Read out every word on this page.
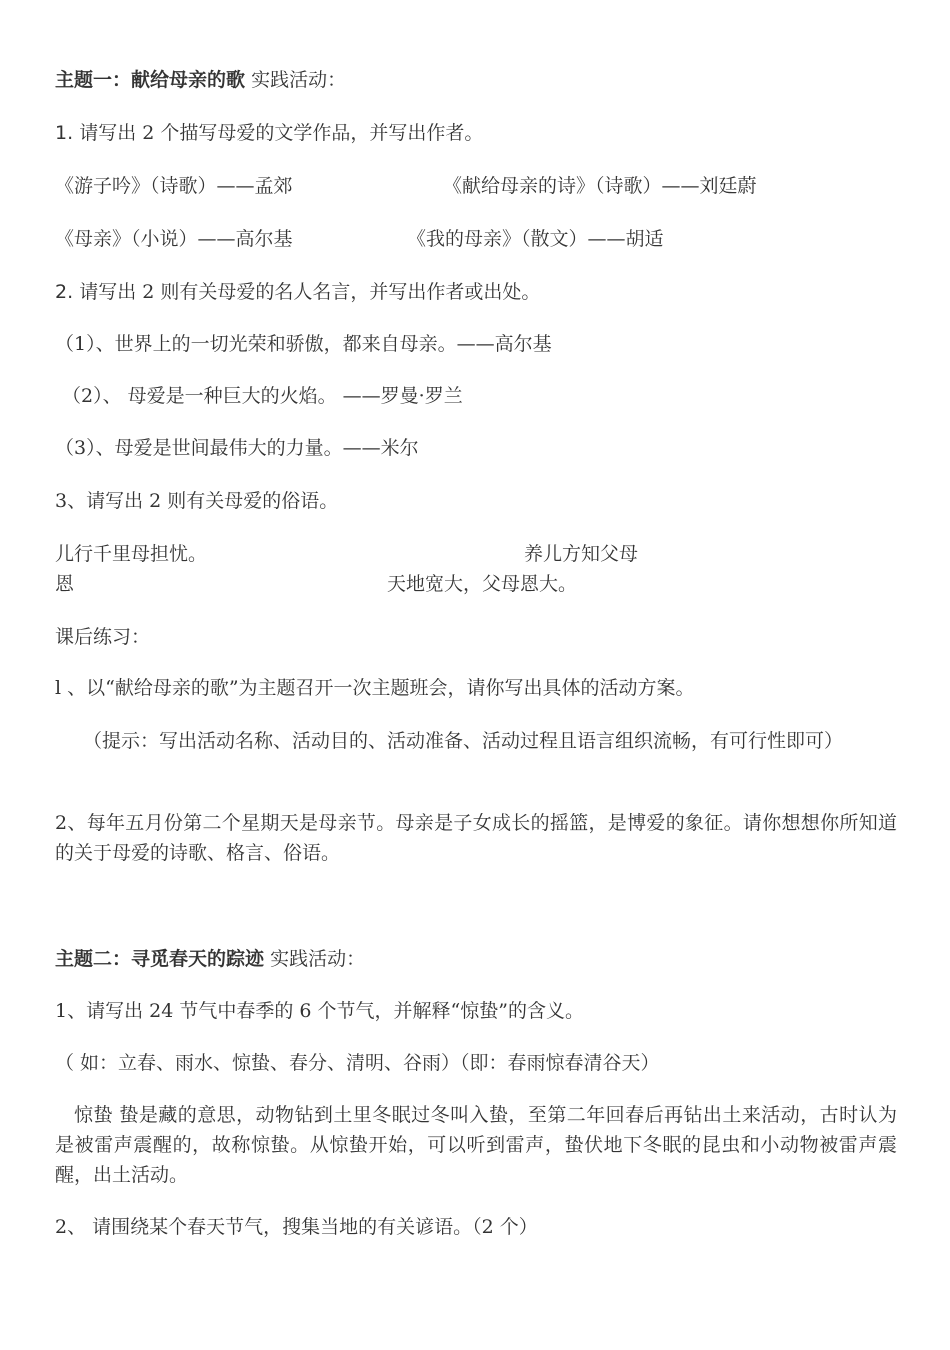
主题一：献给母亲的歌 实践活动：
1. 请写出 2 个描写母爱的文学作品，并写出作者。
《游子吟》（诗歌）——孟郊	《献给母亲的诗》（诗歌）——刘廷蔚
《母亲》（小说）——高尔基	《我的母亲》（散文）——胡适
2. 请写出 2 则有关母爱的名人名言，并写出作者或出处。
（1）、世界上的一切光荣和骄傲，都来自母亲。——高尔基
（2）、 母爱是一种巨大的火焰。 ——罗曼·罗兰
（3）、母爱是世间最伟大的力量。——米尔
3、请写出 2 则有关母爱的俗语。
儿行千里母担忧。	养儿方知父母
恩	天地宽大，父母恩大。
课后练习：
l 、以“献给母亲的歌”为主题召开一次主题班会，请你写出具体的活动方案。
（提示：写出活动名称、活动目的、活动准备、活动过程且语言组织流畅，有可行性即可）
2、每年五月份第二个星期天是母亲节。母亲是子女成长的摇篮，是博爱的象征。请你想想你所知道的关于母爱的诗歌、格言、俗语。
主题二：寻觅春天的踪迹 实践活动：
1、请写出 24 节气中春季的 6 个节气，并解释“惊蛰”的含义。
（ 如：立春、雨水、惊蛰、春分、清明、谷雨）（即：春雨惊春清谷天）
惊蛰 蛰是藏的意思，动物钻到土里冬眠过冬叫入蛰，至第二年回春后再钻出土来活动，古时认为是被雷声震醒的，故称惊蛰。从惊蛰开始，可以听到雷声，蛰伏地下冬眠的昆虫和小动物被雷声震醒，出土活动。
2、 请围绕某个春天节气，搜集当地的有关谚语。（2 个）
